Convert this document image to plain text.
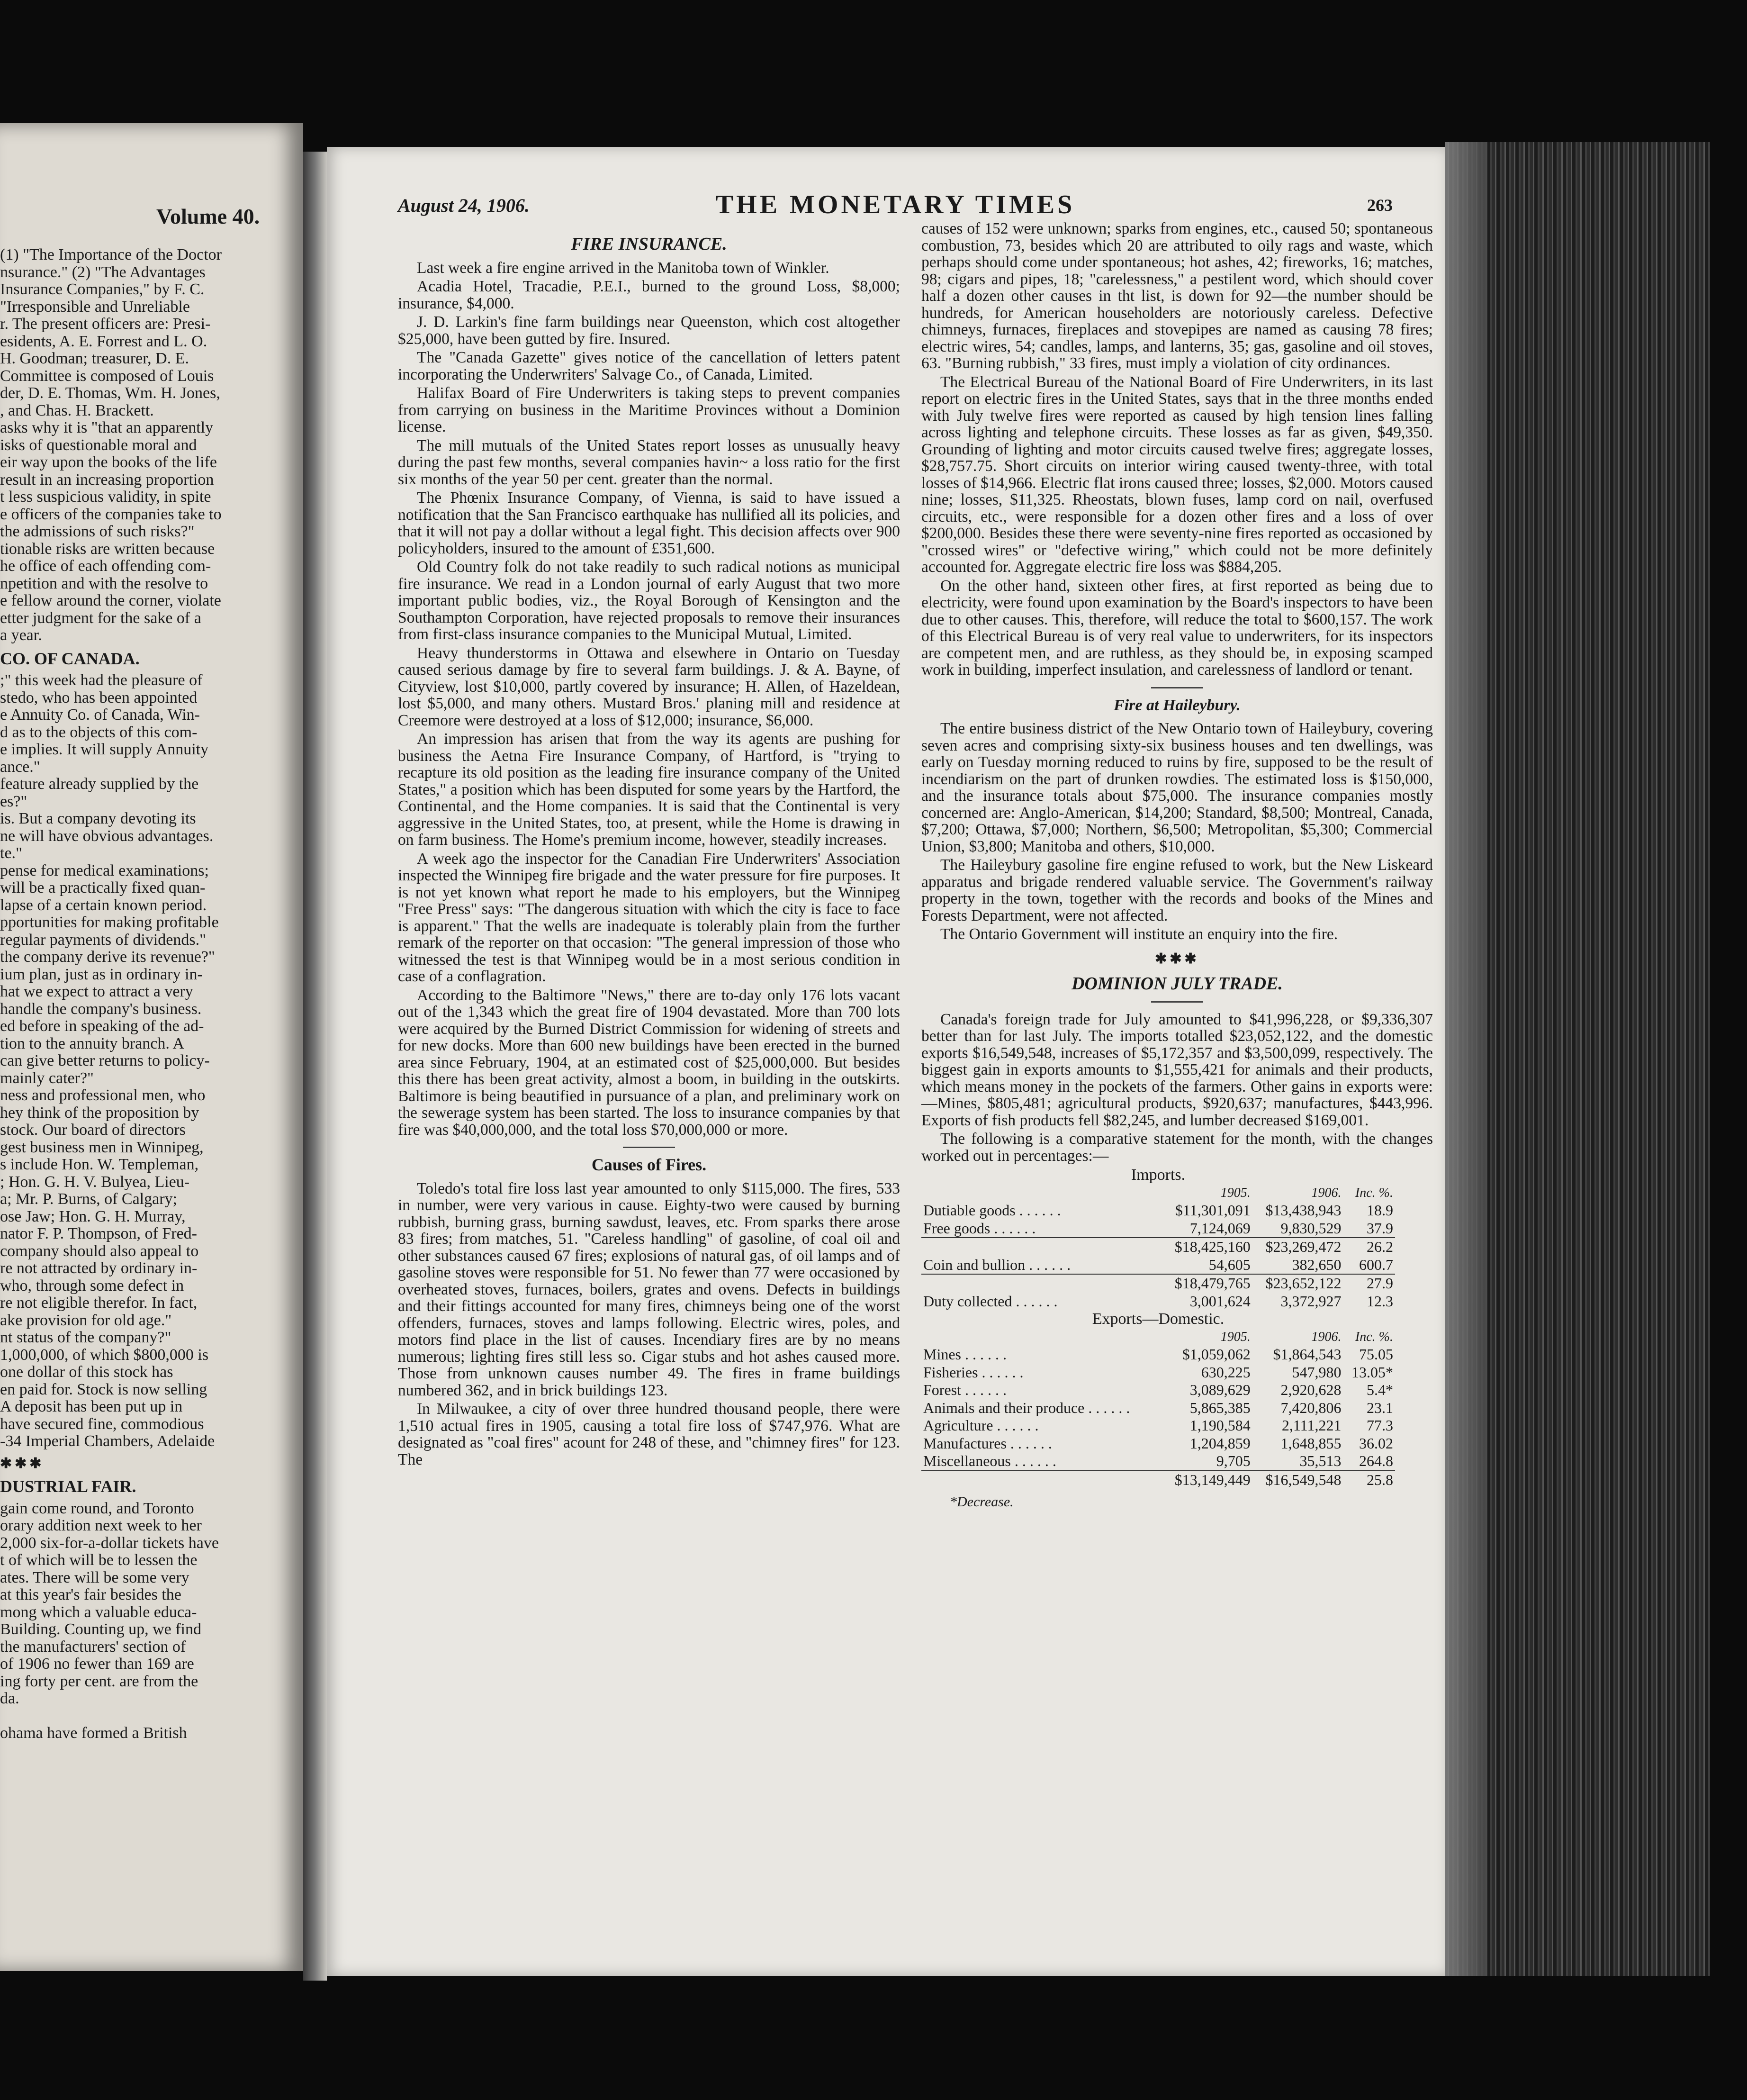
Volume 40.
(1) "The Importance of the Doctor
nsurance." (2) "The Advantages
Insurance Companies," by F. C.
"Irresponsible and Unreliable
r. The present officers are: Presi-
esidents, A. E. Forrest and L. O.
H. Goodman; treasurer, D. E.
Committee is composed of Louis
der, D. E. Thomas, Wm. H. Jones,
, and Chas. H. Brackett.
asks why it is "that an apparently
isks of questionable moral and
eir way upon the books of the life
result in an increasing proportion
t less suspicious validity, in spite
e officers of the companies take to
the admissions of such risks?"
tionable risks are written because
he office of each offending com-
npetition and with the resolve to
e fellow around the corner, violate
etter judgment for the sake of a
a year.
CO. OF CANADA.
;" this week had the pleasure of
stedo, who has been appointed
e Annuity Co. of Canada, Win-
d as to the objects of this com-
e implies. It will supply Annuity
ance."
feature already supplied by the
es?"
is. But a company devoting its
ne will have obvious advantages.
te."
pense for medical examinations;
will be a practically fixed quan-
lapse of a certain known period.
pportunities for making profitable
regular payments of dividends."
the company derive its revenue?"
ium plan, just as in ordinary in-
hat we expect to attract a very
handle the company's business.
ed before in speaking of the ad-
tion to the annuity branch. A
can give better returns to policy-
mainly cater?"
ness and professional men, who
hey think of the proposition by
stock. Our board of directors
gest business men in Winnipeg,
s include Hon. W. Templeman,
; Hon. G. H. V. Bulyea, Lieu-
a; Mr. P. Burns, of Calgary;
ose Jaw; Hon. G. H. Murray,
nator F. P. Thompson, of Fred-
company should also appeal to
re not attracted by ordinary in-
who, through some defect in
re not eligible therefor. In fact,
ake provision for old age."
nt status of the company?"
1,000,000, of which $800,000 is
one dollar of this stock has
en paid for. Stock is now selling
A deposit has been put up in
have secured fine, commodious
-34 Imperial Chambers, Adelaide
✱✱✱
DUSTRIAL FAIR.
gain come round, and Toronto
orary addition next week to her
2,000 six-for-a-dollar tickets have
t of which will be to lessen the
ates. There will be some very
at this year's fair besides the
mong which a valuable educa-
Building. Counting up, we find
the manufacturers' section of
of 1906 no fewer than 169 are
ing forty per cent. are from the
da.

ohama have formed a British
August 24, 1906.	THE MONETARY TIMES	263
FIRE INSURANCE.

Last week a fire engine arrived in the Manitoba town of Winkler.

Acadia Hotel, Tracadie, P.E.I., burned to the ground Loss, $8,000; insurance, $4,000.

J. D. Larkin's fine farm buildings near Queenston, which cost altogether $25,000, have been gutted by fire. Insured.

The "Canada Gazette" gives notice of the cancellation of letters patent incorporating the Underwriters' Salvage Co., of Canada, Limited.

Halifax Board of Fire Underwriters is taking steps to prevent companies from carrying on business in the Maritime Provinces without a Dominion license.

The mill mutuals of the United States report losses as unusually heavy during the past few months, several companies havin~ a loss ratio for the first six months of the year 50 per cent. greater than the normal.

The Phœnix Insurance Company, of Vienna, is said to have issued a notification that the San Francisco earthquake has nullified all its policies, and that it will not pay a dollar without a legal fight. This decision affects over 900 policyholders, insured to the amount of £351,600.

Old Country folk do not take readily to such radical notions as municipal fire insurance. We read in a London journal of early August that two more important public bodies, viz., the Royal Borough of Kensington and the Southampton Corporation, have rejected proposals to remove their insurances from first-class insurance companies to the Municipal Mutual, Limited.

Heavy thunderstorms in Ottawa and elsewhere in Ontario on Tuesday caused serious damage by fire to several farm buildings. J. & A. Bayne, of Cityview, lost $10,000, partly covered by insurance; H. Allen, of Hazeldean, lost $5,000, and many others. Mustard Bros.' planing mill and residence at Creemore were destroyed at a loss of $12,000; insurance, $6,000.

An impression has arisen that from the way its agents are pushing for business the Aetna Fire Insurance Company, of Hartford, is "trying to recapture its old position as the leading fire insurance company of the United States," a position which has been disputed for some years by the Hartford, the Continental, and the Home companies. It is said that the Continental is very aggressive in the United States, too, at present, while the Home is drawing in on farm business. The Home's premium income, however, steadily increases.

A week ago the inspector for the Canadian Fire Underwriters' Association inspected the Winnipeg fire brigade and the water pressure for fire purposes. It is not yet known what report he made to his employers, but the Winnipeg "Free Press" says: "The dangerous situation with which the city is face to face is apparent." That the wells are inadequate is tolerably plain from the further remark of the reporter on that occasion: "The general impression of those who witnessed the test is that Winnipeg would be in a most serious condition in case of a conflagration.

According to the Baltimore "News," there are to-day only 176 lots vacant out of the 1,343 which the great fire of 1904 devastated. More than 700 lots were acquired by the Burned District Commission for widening of streets and for new docks. More than 600 new buildings have been erected in the burned area since February, 1904, at an estimated cost of $25,000,000. But besides this there has been great activity, almost a boom, in building in the outskirts. Baltimore is being beautified in pursuance of a plan, and preliminary work on the sewerage system has been started. The loss to insurance companies by that fire was $40,000,000, and the total loss $70,000,000 or more.

Causes of Fires.

Toledo's total fire loss last year amounted to only $115,000. The fires, 533 in number, were very various in cause. Eighty-two were caused by burning rubbish, burning grass, burning sawdust, leaves, etc. From sparks there arose 83 fires; from matches, 51. "Careless handling" of gasoline, of coal oil and other substances caused 67 fires; explosions of natural gas, of oil lamps and of gasoline stoves were responsible for 51. No fewer than 77 were occasioned by overheated stoves, furnaces, boilers, grates and ovens. Defects in buildings and their fittings accounted for many fires, chimneys being one of the worst offenders, furnaces, stoves and lamps following. Electric wires, poles, and motors find place in the list of causes. Incendiary fires are by no means numerous; lighting fires still less so. Cigar stubs and hot ashes caused more. Those from unknown causes number 49. The fires in frame buildings numbered 362, and in brick buildings 123.

In Milwaukee, a city of over three hundred thousand people, there were 1,510 actual fires in 1905, causing a total fire loss of $747,976. What are designated as "coal fires" acount for 248 of these, and "chimney fires" for 123. The

causes of 152 were unknown; sparks from engines, etc., caused 50; spontaneous combustion, 73, besides which 20 are attributed to oily rags and waste, which perhaps should come under spontaneous; hot ashes, 42; fireworks, 16; matches, 98; cigars and pipes, 18; "carelessness," a pestilent word, which should cover half a dozen other causes in tht list, is down for 92—the number should be hundreds, for American householders are notoriously careless. Defective chimneys, furnaces, fireplaces and stovepipes are named as causing 78 fires; electric wires, 54; candles, lamps, and lanterns, 35; gas, gasoline and oil stoves, 63. "Burning rubbish," 33 fires, must imply a violation of city ordinances.

The Electrical Bureau of the National Board of Fire Underwriters, in its last report on electric fires in the United States, says that in the three months ended with July twelve fires were reported as caused by high tension lines falling across lighting and telephone circuits. These losses as far as given, $49,350. Grounding of lighting and motor circuits caused twelve fires; aggregate losses, $28,757.75. Short circuits on interior wiring caused twenty-three, with total losses of $14,966. Electric flat irons caused three; losses, $2,000. Motors caused nine; losses, $11,325. Rheostats, blown fuses, lamp cord on nail, overfused circuits, etc., were responsible for a dozen other fires and a loss of over $200,000. Besides these there were seventy-nine fires reported as occasioned by "crossed wires" or "defective wiring," which could not be more definitely accounted for. Aggregate electric fire loss was $884,205.

On the other hand, sixteen other fires, at first reported as being due to electricity, were found upon examination by the Board's inspectors to have been due to other causes. This, therefore, will reduce the total to $600,157. The work of this Electrical Bureau is of very real value to underwriters, for its inspectors are competent men, and are ruthless, as they should be, in exposing scamped work in building, imperfect insulation, and carelessness of landlord or tenant.

Fire at Haileybury.

The entire business district of the New Ontario town of Haileybury, covering seven acres and comprising sixty-six business houses and ten dwellings, was early on Tuesday morning reduced to ruins by fire, supposed to be the result of incendiarism on the part of drunken rowdies. The estimated loss is $150,000, and the insurance totals about $75,000. The insurance companies mostly concerned are: Anglo-American, $14,200; Standard, $8,500; Montreal, Canada, $7,200; Ottawa, $7,000; Northern, $6,500; Metropolitan, $5,300; Commercial Union, $3,800; Manitoba and others, $10,000.

The Haileybury gasoline fire engine refused to work, but the New Liskeard apparatus and brigade rendered valuable service. The Government's railway property in the town, together with the records and books of the Mines and Forests Department, were not affected.

The Ontario Government will institute an enquiry into the fire.

✱✱✱
DOMINION JULY TRADE.

Canada's foreign trade for July amounted to $41,996,228, or $9,336,307 better than for last July. The imports totalled $23,052,122, and the domestic exports $16,549,548, increases of $5,172,357 and $3,500,099, respectively. The biggest gain in exports amounts to $1,555,421 for animals and their products, which means money in the pockets of the farmers. Other gains in exports were:—Mines, $805,481; agricultural products, $920,637; manufactures, $443,996. Exports of fish products fell $82,245, and lumber decreased $169,001.

The following is a comparative statement for the month, with the changes worked out in percentages:—

Imports.			
	1905.	1906.	Inc. %.
Dutiable goods . . . . . .	$11,301,091	$13,438,943	18.9
Free goods . . . . . .	7,124,069	9,830,529	37.9
	$18,425,160	$23,269,472	26.2
Coin and bullion . . . . . .	54,605	382,650	600.7
	$18,479,765	$23,652,122	27.9
Duty collected . . . . . .	3,001,624	3,372,927	12.3
Exports—Domestic.			
	1905.	1906.	Inc. %.
Mines . . . . . .	$1,059,062	$1,864,543	75.05
Fisheries . . . . . .	630,225	547,980	13.05*
Forest . . . . . .	3,089,629	2,920,628	5.4*
Animals and their produce . . . . . .	5,865,385	7,420,806	23.1
Agriculture . . . . . .	1,190,584	2,111,221	77.3
Manufactures . . . . . .	1,204,859	1,648,855	36.02
Miscellaneous . . . . . .	9,705	35,513	264.8
	$13,149,449	$16,549,548	25.8
*Decrease.
